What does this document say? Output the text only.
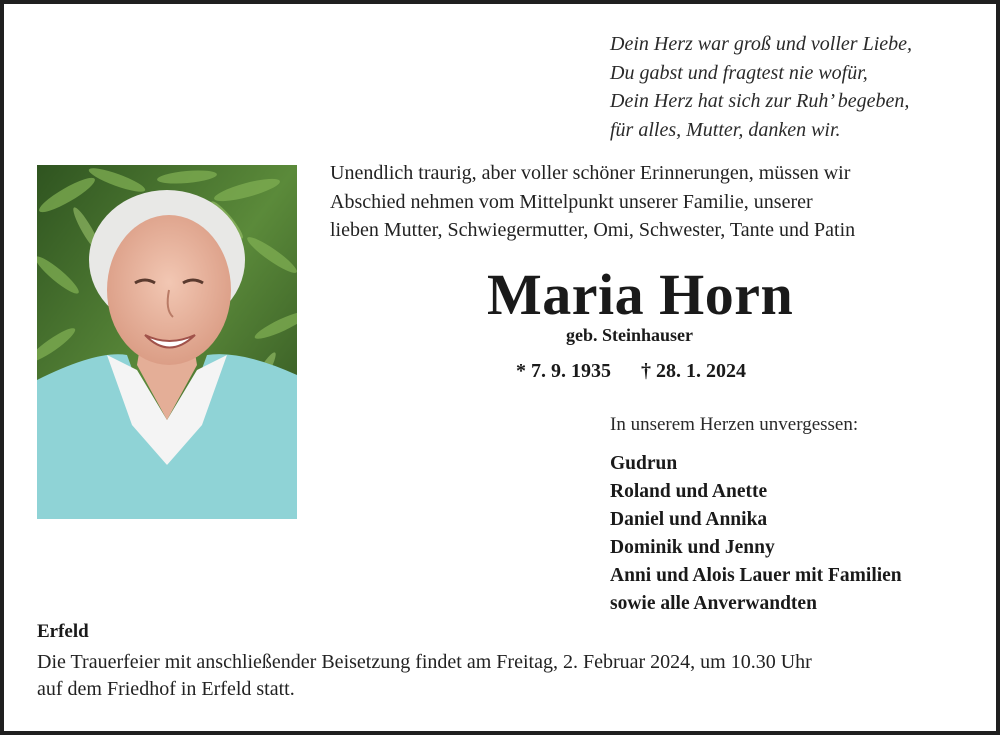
Dein Herz war groß und voller Liebe,
Du gabst und fragtest nie wofür,
Dein Herz hat sich zur Ruh’ begeben,
für alles, Mutter, danken wir.
Unendlich traurig, aber voller schöner Erinnerungen, müssen wir
Abschied nehmen vom Mittelpunkt unserer Familie, unserer
lieben Mutter, Schwiegermutter, Omi, Schwester, Tante und Patin
Maria Horn
geb. Steinhauser
* 7. 9. 1935 † 28. 1. 2024
In unserem Herzen unvergessen:
Gudrun
Roland und Anette
Daniel und Annika
Dominik und Jenny
Anni und Alois Lauer mit Familien
sowie alle Anverwandten
Erfeld
Die Trauerfeier mit anschließender Beisetzung findet am Freitag, 2. Februar 2024, um 10.30 Uhr
auf dem Friedhof in Erfeld statt.
